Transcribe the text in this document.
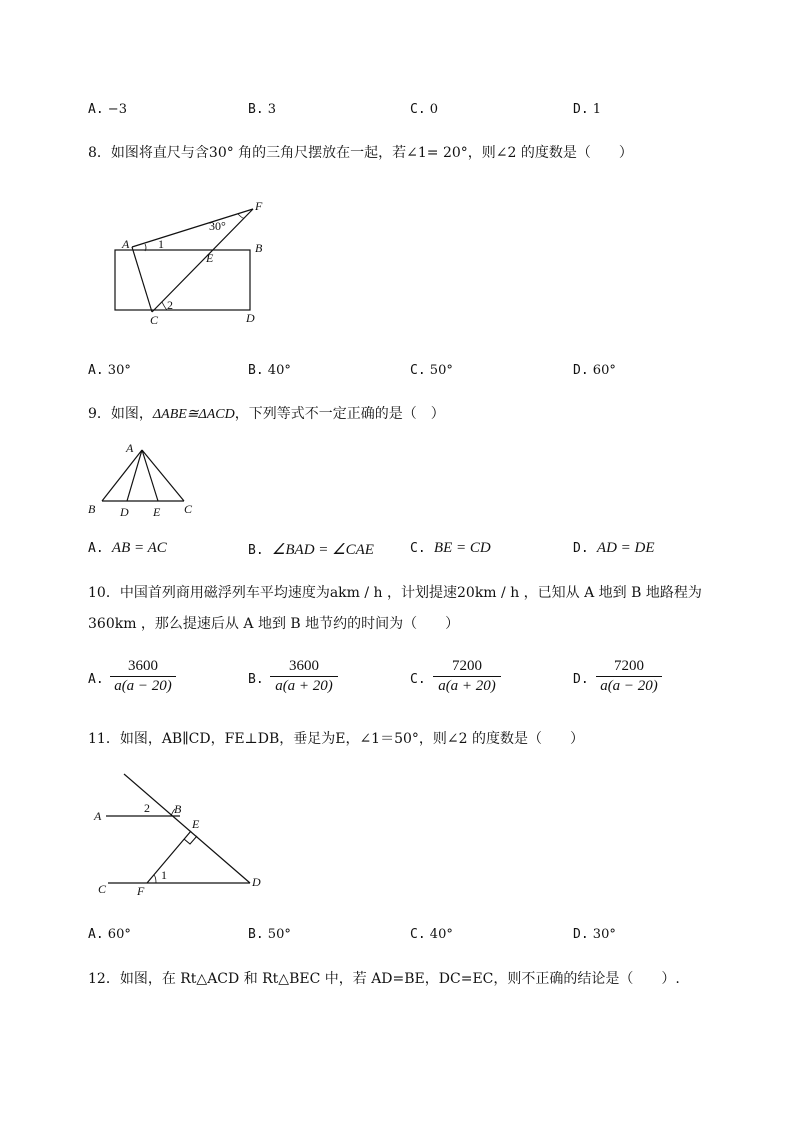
A. −3	B. 3	C. 0	D. 1
8．如图将直尺与含30° 角的三角尺摆放在一起，若∠1= 20°，则∠2 的度数是（　　）
F
30°
A 1	B
E
2
C	D
A. 30°	B. 40°	C. 50°	D. 60°
9．如图，ΔABE≅ΔACD，下列等式不一定正确的是（　）
A
B D E C
A. AB = AC	B. ∠BAD = ∠CAE	C. BE = CD	D. AD = DE
10．中国首列商用磁浮列车平均速度为akm / h ，计划提速20km / h ，已知从 A 地到 B 地路程为
360km ，那么提速后从 A 地到 B 地节约的时间为（　　）
A.
3600
a(a − 20)	B.
3600
a(a + 20)	C.
7200
a(a + 20)	D.
7200
a(a − 20)
11．如图，AB∥CD，FE⊥DB，垂足为E，∠1＝50°，则∠2 的度数是（　　）
A
2 B
E
C	F
1	D
A. 60°	B. 50°	C. 40°	D. 30°
12．如图，在 Rt△ACD 和 Rt△BEC 中，若 AD=BE，DC=EC，则不正确的结论是（　　）.
